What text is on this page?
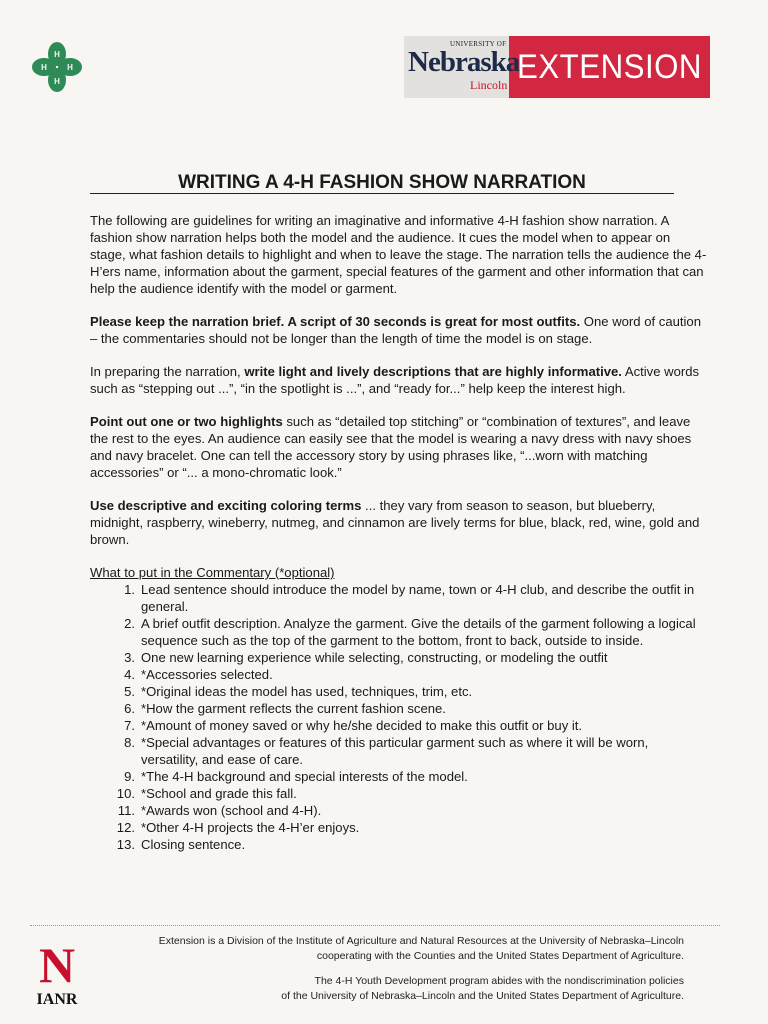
H
H
H	H
UNIVERSITY OF
Nebraska
Lincoln EXTENSION
WRITING A 4-H FASHION SHOW NARRATION

The following are guidelines for writing an imaginative and informative 4-H fashion show narration. A fashion show narration helps both the model and the audience. It cues the model when to appear on stage, what fashion details to highlight and when to leave the stage. The narration tells the audience the 4-H’ers name, information about the garment, special features of the garment and other information that can help the audience identify with the model or garment.

Please keep the narration brief. A script of 30 seconds is great for most outfits. One word of caution – the commentaries should not be longer than the length of time the model is on stage.

In preparing the narration, write light and lively descriptions that are highly informative. Active words such as “stepping out ...”, “in the spotlight is ...”, and “ready for...” help keep the interest high.

Point out one or two highlights such as “detailed top stitching” or “combination of textures”, and leave the rest to the eyes. An audience can easily see that the model is wearing a navy dress with navy shoes and navy bracelet. One can tell the accessory story by using phrases like, “...worn with matching accessories” or “... a mono-chromatic look.”

Use descriptive and exciting coloring terms ... they vary from season to season, but blueberry, midnight, raspberry, wineberry, nutmeg, and cinnamon are lively terms for blue, black, red, wine, gold and brown.

What to put in the Commentary (*optional)
1. Lead sentence should introduce the model by name, town or 4-H club, and describe the outfit in general.
2. A brief outfit description. Analyze the garment. Give the details of the garment following a logical sequence such as the top of the garment to the bottom, front to back, outside to inside.
3. One new learning experience while selecting, constructing, or modeling the outfit
4. *Accessories selected.
5. *Original ideas the model has used, techniques, trim, etc.
6. *How the garment reflects the current fashion scene.
7. *Amount of money saved or why he/she decided to make this outfit or buy it.
8. *Special advantages or features of this particular garment such as where it will be worn, versatility, and ease of care.
9. *The 4-H background and special interests of the model.
10. *School and grade this fall.
11. *Awards won (school and 4-H).
12. *Other 4-H projects the 4-H’er enjoys.
13. Closing sentence.
N
IANR

Extension is a Division of the Institute of Agriculture and Natural Resources at the University of Nebraska–Lincoln
cooperating with the Counties and the United States Department of Agriculture.

The 4-H Youth Development program abides with the nondiscrimination policies
of the University of Nebraska–Lincoln and the United States Department of Agriculture.
